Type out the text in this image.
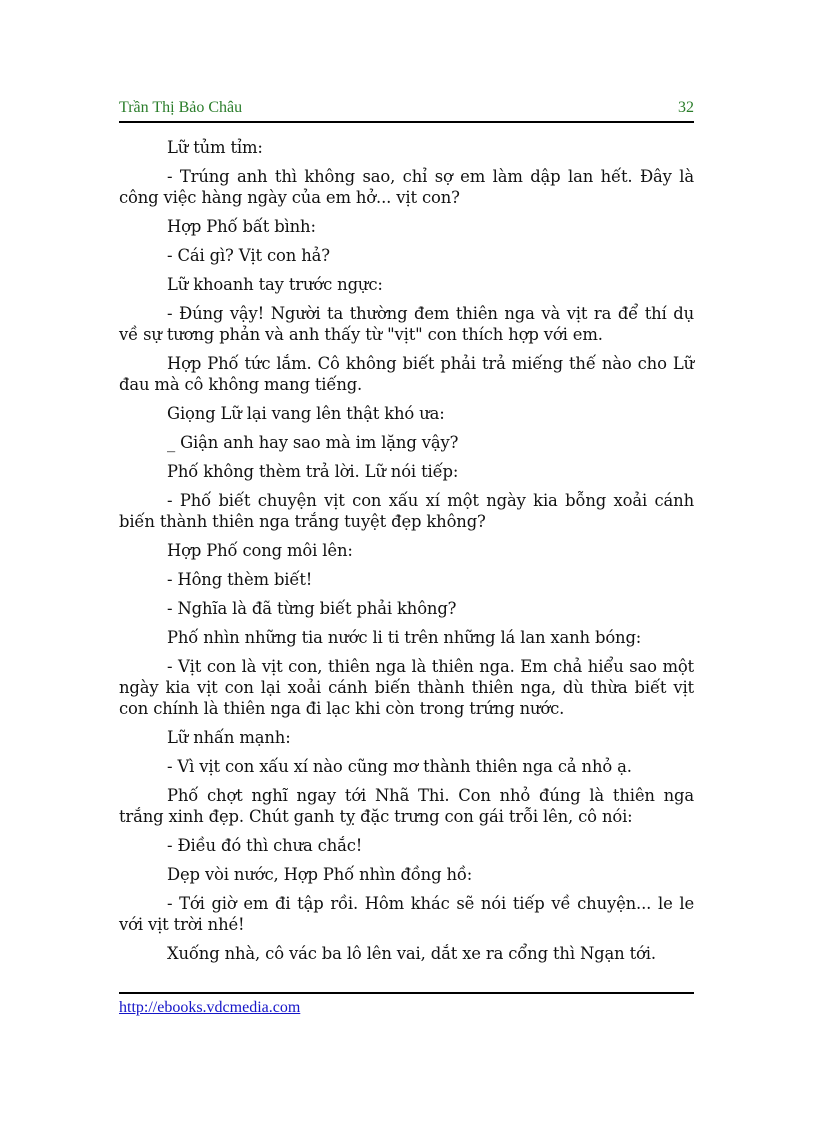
Trần Thị Bảo Châu	32

Lữ tủm tỉm:

- Trúng anh thì không sao, chỉ sợ em làm dập lan hết. Đây là công việc hàng ngày của em hở... vịt con?

Hợp Phố bất bình:

- Cái gì? Vịt con hả?

Lữ khoanh tay trước ngực:

- Đúng vậy! Người ta thường đem thiên nga và vịt ra để thí dụ về sự tương phản và anh thấy từ "vịt" con thích hợp với em.

Hợp Phố tức lắm. Cô không biết phải trả miếng thế nào cho Lữ đau mà cô không mang tiếng.

Giọng Lữ lại vang lên thật khó ưa:

_ Giận anh hay sao mà im lặng vậy?

Phố không thèm trả lời. Lữ nói tiếp:

- Phố biết chuyện vịt con xấu xí một ngày kia bỗng xoải cánh biến thành thiên nga trắng tuyệt đẹp không?

Hợp Phố cong môi lên:

- Hông thèm biết!

- Nghĩa là đã từng biết phải không?

Phố nhìn những tia nước li ti trên những lá lan xanh bóng:

- Vịt con là vịt con, thiên nga là thiên nga. Em chả hiểu sao một ngày kia vịt con lại xoải cánh biến thành thiên nga, dù thừa biết vịt con chính là thiên nga đi lạc khi còn trong trứng nước.

Lữ nhấn mạnh:

- Vì vịt con xấu xí nào cũng mơ thành thiên nga cả nhỏ ạ.

Phố chợt nghĩ ngay tới Nhã Thi. Con nhỏ đúng là thiên nga trắng xinh đẹp. Chút ganh tỵ đặc trưng con gái trỗi lên, cô nói:

- Điều đó thì chưa chắc!

Dẹp vòi nước, Hợp Phố nhìn đồng hồ:

- Tới giờ em đi tập rồi. Hôm khác sẽ nói tiếp về chuyện... le le với vịt trời nhé!

Xuống nhà, cô vác ba lô lên vai, dắt xe ra cổng thì Ngạn tới.

http://ebooks.vdcmedia.com
